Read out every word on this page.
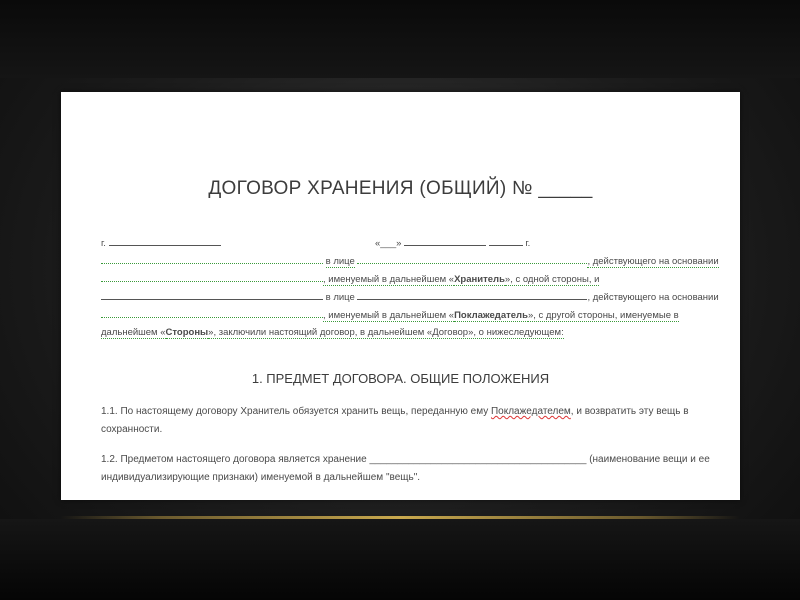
ДОГОВОР ХРАНЕНИЯ (ОБЩИЙ) № _____
г.	«___»	г.
в лице	, действующего на основании
, именуемый в дальнейшем «Хранитель», с одной стороны, и
в лице	, действующего на основании
, именуемый в дальнейшем «Поклажедатель», с другой стороны, именуемые в
дальнейшем «Стороны», заключили настоящий договор, в дальнейшем «Договор», о нижеследующем:
1. ПРЕДМЕТ ДОГОВОРА. ОБЩИЕ ПОЛОЖЕНИЯ
1.1. По настоящему договору Хранитель обязуется хранить вещь, переданную ему Поклажедателем, и возвратить эту вещь в сохранности.
1.2. Предметом настоящего договора является хранение _______________________________________ (наименование вещи и ее индивидуализирующие признаки) именуемой в дальнейшем "вещь".
